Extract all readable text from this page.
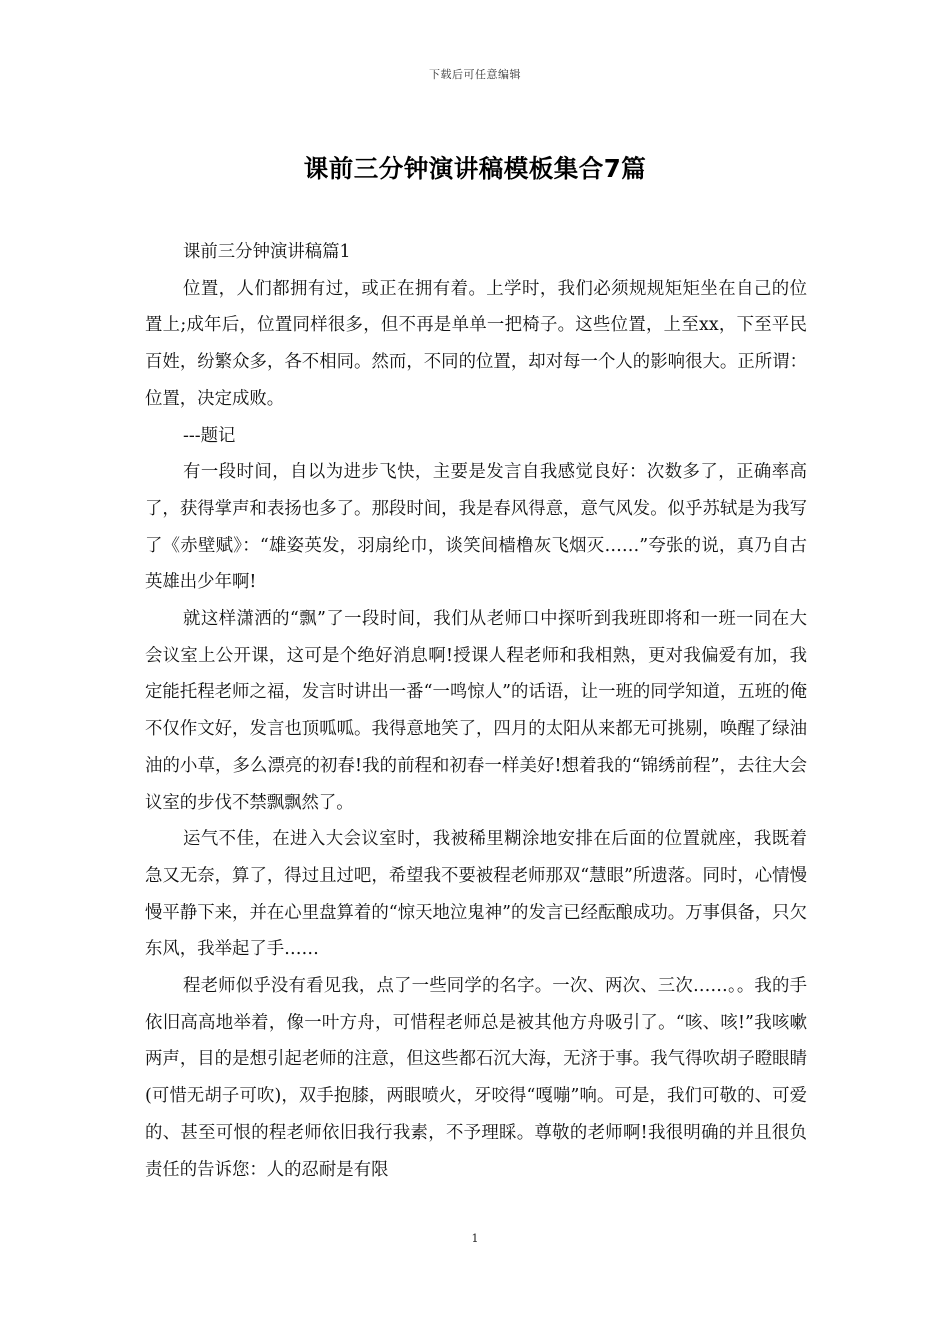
下载后可任意编辑
课前三分钟演讲稿模板集合7篇

课前三分钟演讲稿篇1

位置，人们都拥有过，或正在拥有着。上学时，我们必须规规矩矩坐在自己的位置上;成年后，位置同样很多，但不再是单单一把椅子。这些位置，上至xx，下至平民百姓，纷繁众多，各不相同。然而，不同的位置，却对每一个人的影响很大。正所谓：位置，决定成败。

---题记

有一段时间，自以为进步飞快，主要是发言自我感觉良好：次数多了，正确率高了，获得掌声和表扬也多了。那段时间，我是春风得意，意气风发。似乎苏轼是为我写了《赤壁赋》：“雄姿英发，羽扇纶巾，谈笑间樯橹灰飞烟灭……”夸张的说，真乃自古英雄出少年啊!

就这样潇洒的“飘”了一段时间，我们从老师口中探听到我班即将和一班一同在大会议室上公开课，这可是个绝好消息啊!授课人程老师和我相熟，更对我偏爱有加，我定能托程老师之福，发言时讲出一番“一鸣惊人”的话语，让一班的同学知道，五班的俺不仅作文好，发言也顶呱呱。我得意地笑了，四月的太阳从来都无可挑剔，唤醒了绿油油的小草，多么漂亮的初春!我的前程和初春一样美好!想着我的“锦绣前程”，去往大会议室的步伐不禁飘飘然了。

运气不佳，在进入大会议室时，我被稀里糊涂地安排在后面的位置就座，我既着急又无奈，算了，得过且过吧，希望我不要被程老师那双“慧眼”所遗落。同时，心情慢慢平静下来，并在心里盘算着的“惊天地泣鬼神”的发言已经酝酿成功。万事俱备，只欠东风，我举起了手……

程老师似乎没有看见我，点了一些同学的名字。一次、两次、三次……。。我的手依旧高高地举着，像一叶方舟，可惜程老师总是被其他方舟吸引了。“咳、咳!”我咳嗽两声，目的是想引起老师的注意，但这些都石沉大海，无济于事。我气得吹胡子瞪眼睛(可惜无胡子可吹)，双手抱膝，两眼喷火，牙咬得“嘎嘣”响。可是，我们可敬的、可爱的、甚至可恨的程老师依旧我行我素，不予理睬。尊敬的老师啊!我很明确的并且很负责任的告诉您：人的忍耐是有限

1
